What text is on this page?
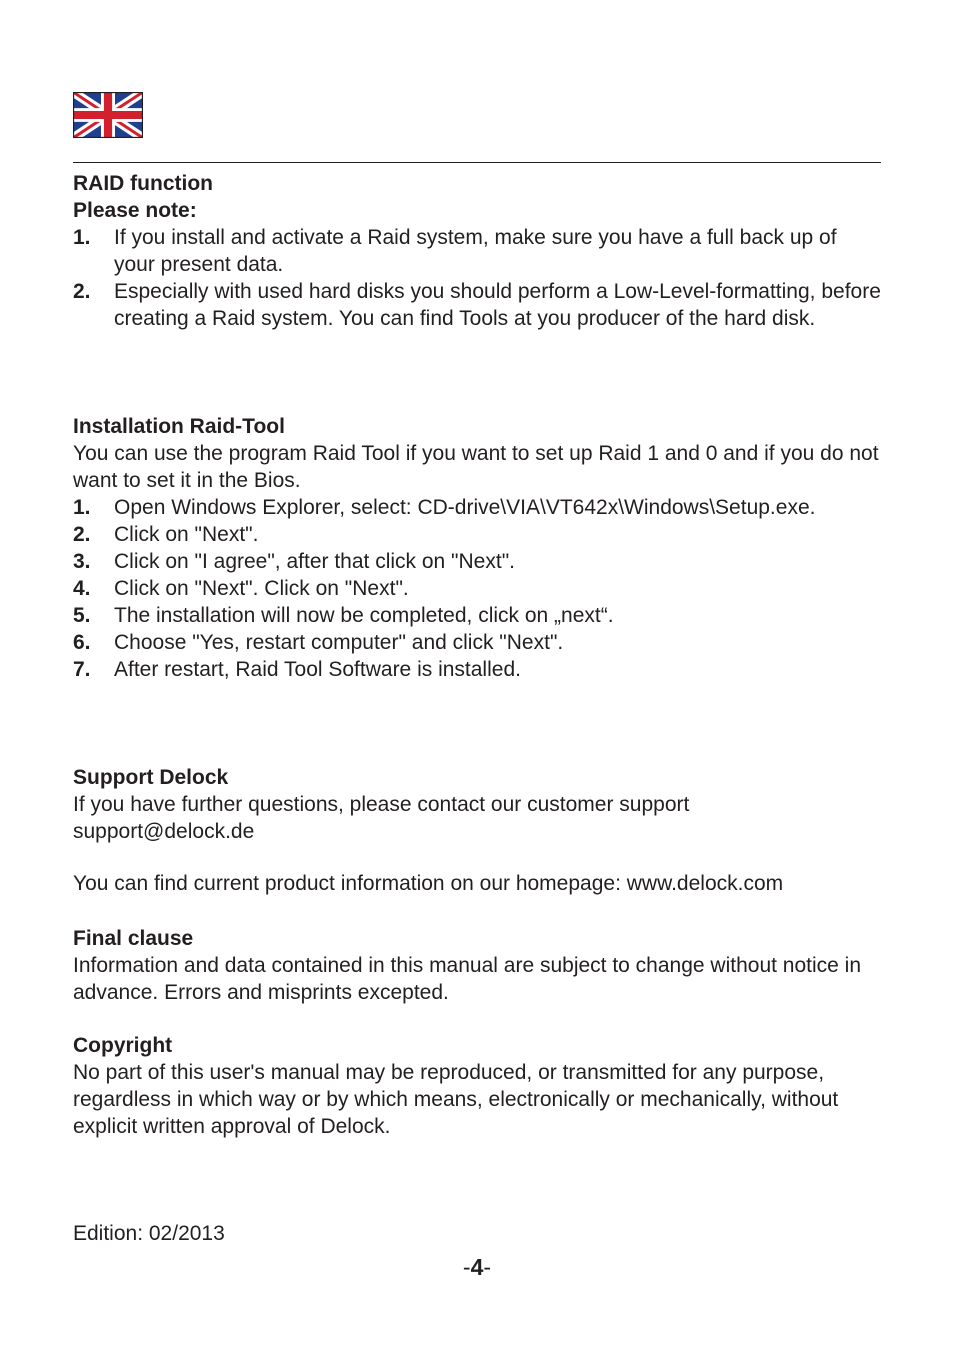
RAID function

Please note:

1. If you install and activate a Raid system, make sure you have a full back up of your present data.
2. Especially with used hard disks you should perform a Low-Level-formatting, before creating a Raid system. You can find Tools at you producer of the hard disk.

Installation Raid-Tool

You can use the program Raid Tool if you want to set up Raid 1 and 0 and if you do not want to set it in the Bios.

1. Open Windows Explorer, select: CD-drive\VIA\VT642x\Windows\Setup.exe.
2. Click on "Next".
3. Click on "I agree", after that click on "Next".
4. Click on "Next". Click on "Next".
5. The installation will now be completed, click on „next“.
6. Choose "Yes, restart computer" and click "Next".
7. After restart, Raid Tool Software is installed.

Support Delock

If you have further questions, please contact our customer support

support@delock.de

You can find current product information on our homepage: www.delock.com

Final clause

Information and data contained in this manual are subject to change without notice in advance. Errors and misprints excepted.

Copyright

No part of this user's manual may be reproduced, or transmitted for any purpose, regardless in which way or by which means, electronically or mechanically, without explicit written approval of Delock.

Edition: 02/2013
-4-
